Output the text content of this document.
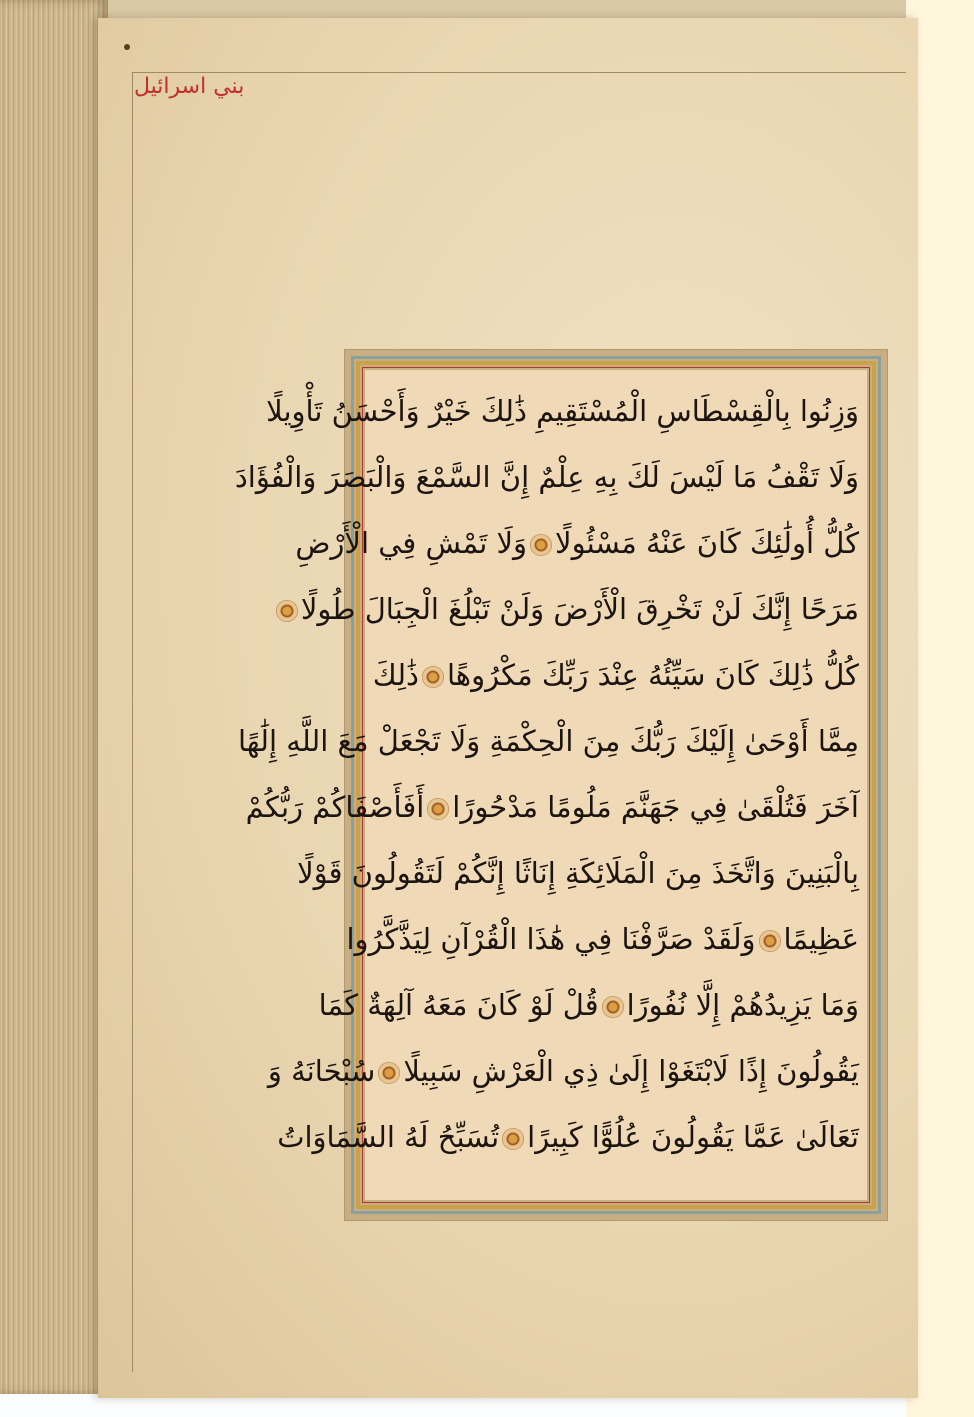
بني اسرائيل
وَزِنُوا بِالْقِسْطَاسِ الْمُسْتَقِيمِ ذَٰلِكَ خَيْرٌ وَأَحْسَنُ تَأْوِيلًا
وَلَا تَقْفُ مَا لَيْسَ لَكَ بِهِ عِلْمٌ إِنَّ السَّمْعَ وَالْبَصَرَ وَالْفُؤَادَ
كُلُّ أُولَٰئِكَ كَانَ عَنْهُ مَسْئُولًاوَلَا تَمْشِ فِي الْأَرْضِ
مَرَحًا إِنَّكَ لَنْ تَخْرِقَ الْأَرْضَ وَلَنْ تَبْلُغَ الْجِبَالَ طُولًا
كُلُّ ذَٰلِكَ كَانَ سَيِّئُهُ عِنْدَ رَبِّكَ مَكْرُوهًاذَٰلِكَ
مِمَّا أَوْحَىٰ إِلَيْكَ رَبُّكَ مِنَ الْحِكْمَةِ وَلَا تَجْعَلْ مَعَ اللَّهِ إِلَٰهًا
آخَرَ فَتُلْقَىٰ فِي جَهَنَّمَ مَلُومًا مَدْحُورًاأَفَأَصْفَاكُمْ رَبُّكُمْ
بِالْبَنِينَ وَاتَّخَذَ مِنَ الْمَلَائِكَةِ إِنَاثًا إِنَّكُمْ لَتَقُولُونَ قَوْلًا
عَظِيمًاوَلَقَدْ صَرَّفْنَا فِي هَٰذَا الْقُرْآنِ لِيَذَّكَّرُوا
وَمَا يَزِيدُهُمْ إِلَّا نُفُورًاقُلْ لَوْ كَانَ مَعَهُ آلِهَةٌ كَمَا
يَقُولُونَ إِذًا لَابْتَغَوْا إِلَىٰ ذِي الْعَرْشِ سَبِيلًاسُبْحَانَهُ وَ
تَعَالَىٰ عَمَّا يَقُولُونَ عُلُوًّا كَبِيرًاتُسَبِّحُ لَهُ السَّمَاوَاتُ
